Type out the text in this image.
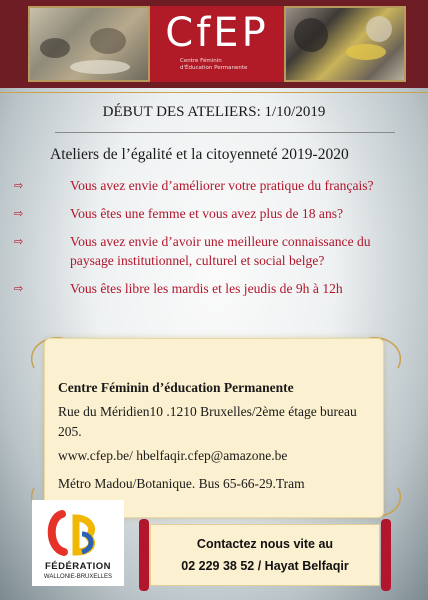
CfEP
Centre Féminin
d'Éducation Permanente
DÉBUT DES ATELIERS: 1/10/2019
Ateliers de l’égalité et la citoyenneté 2019-2020
⇨	Vous avez envie d’améliorer votre pratique du français?
⇨	Vous êtes une femme et vous avez plus de 18 ans?
⇨	Vous avez envie d’avoir une meilleure connaissance du paysage institutionnel, culturel et social belge?
⇨	Vous êtes libre les mardis et les jeudis de 9h à 12h
Centre Féminin d’éducation Permanente
Rue du Méridien10 .1210 Bruxelles/2ème étage bureau 205.
www.cfep.be/ hbelfaqir.cfep@amazone.be
Métro Madou/Botanique. Bus 65-66-29.Tram
FÉDÉRATION
WALLONIE-BRUXELLES
Contactez nous vite au
02 229 38 52 / Hayat Belfaqir
